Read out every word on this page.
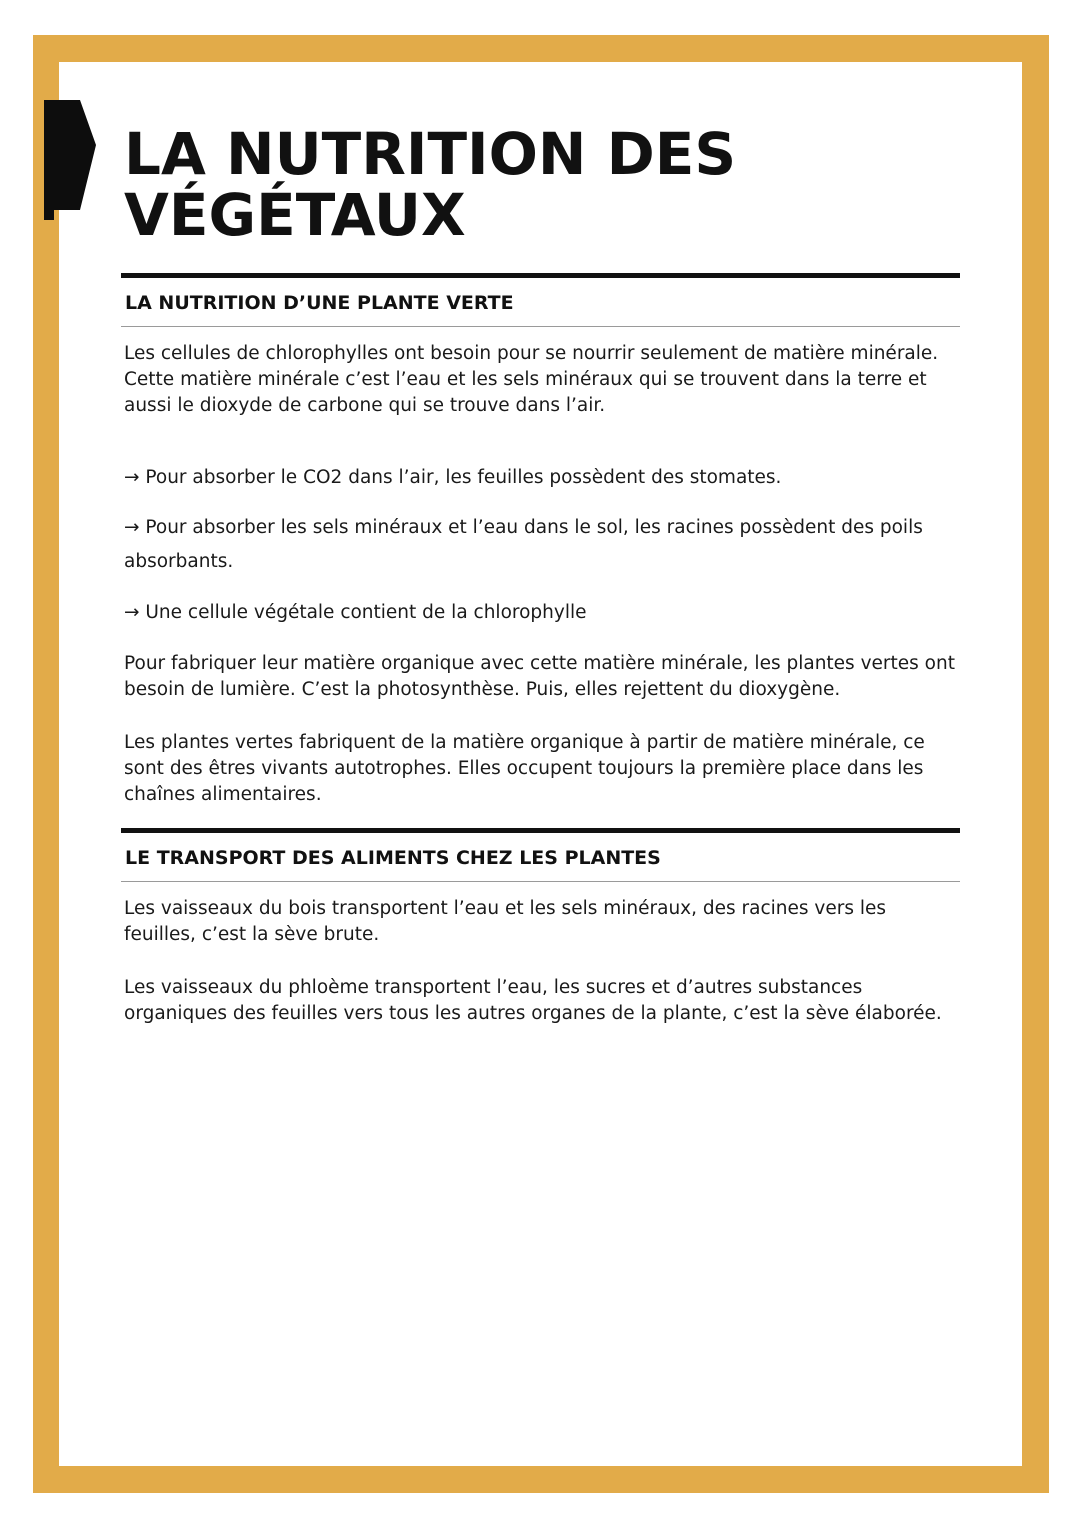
LA NUTRITION DES
VÉGÉTAUX
LA NUTRITION D’UNE PLANTE VERTE

Les cellules de chlorophylles ont besoin pour se nourrir seulement de matière minérale. Cette matière minérale c’est l’eau et les sels minéraux qui se trouvent dans la terre et aussi le dioxyde de carbone qui se trouve dans l’air.

→ Pour absorber le CO2 dans l’air, les feuilles possèdent des stomates.

→ Pour absorber les sels minéraux et l’eau dans le sol, les racines possèdent des poils absorbants.

→ Une cellule végétale contient de la chlorophylle

Pour fabriquer leur matière organique avec cette matière minérale, les plantes vertes ont besoin de lumière. C’est la photosynthèse. Puis, elles rejettent du dioxygène.

Les plantes vertes fabriquent de la matière organique à partir de matière minérale, ce sont des êtres vivants autotrophes. Elles occupent toujours la première place dans les chaînes alimentaires.

LE TRANSPORT DES ALIMENTS CHEZ LES PLANTES

Les vaisseaux du bois transportent l’eau et les sels minéraux, des racines vers les feuilles, c’est la sève brute.

Les vaisseaux du phloème transportent l’eau, les sucres et d’autres substances organiques des feuilles vers tous les autres organes de la plante, c’est la sève élaborée.
